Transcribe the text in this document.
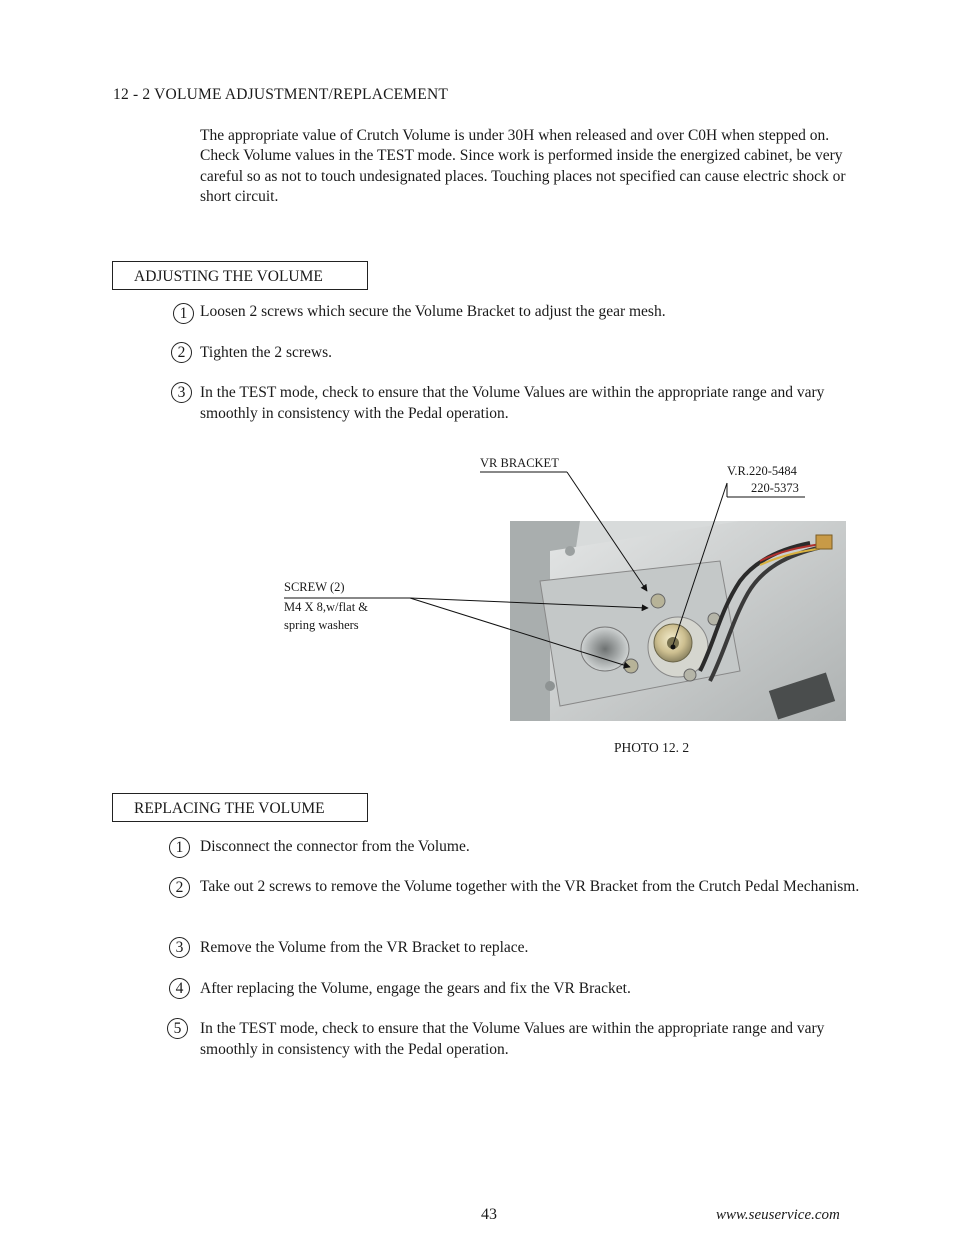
12 - 2 VOLUME ADJUSTMENT/REPLACEMENT
The appropriate value of Crutch Volume is under 30H when released and over C0H when stepped on. Check Volume values in the TEST mode. Since work is performed inside the energized cabinet, be very careful so as not to touch undesignated places. Touching places not specified can cause electric shock or short circuit.
ADJUSTING THE VOLUME
1 Loosen 2 screws which secure the Volume Bracket to adjust the gear mesh.
2 Tighten the 2 screws.
3 In the TEST mode, check to ensure that the Volume Values are within the appropriate range and vary smoothly in consistency with the Pedal operation.
VR BRACKET
V.R.220-5484
220-5373
SCREW (2)
M4 X 8,w/flat &
spring washers
PHOTO 12. 2
REPLACING THE VOLUME
1	Disconnect the connector from the Volume.
2	Take out 2 screws to remove the Volume together with the VR Bracket from the Crutch Pedal Mechanism.
3	Remove the Volume from the VR Bracket to replace.
4	After replacing the Volume, engage the gears and fix the VR Bracket.
5	In the TEST mode, check to ensure that the Volume Values are within the appropriate range and vary smoothly in consistency with the Pedal operation.
43	www.seuservice.com
